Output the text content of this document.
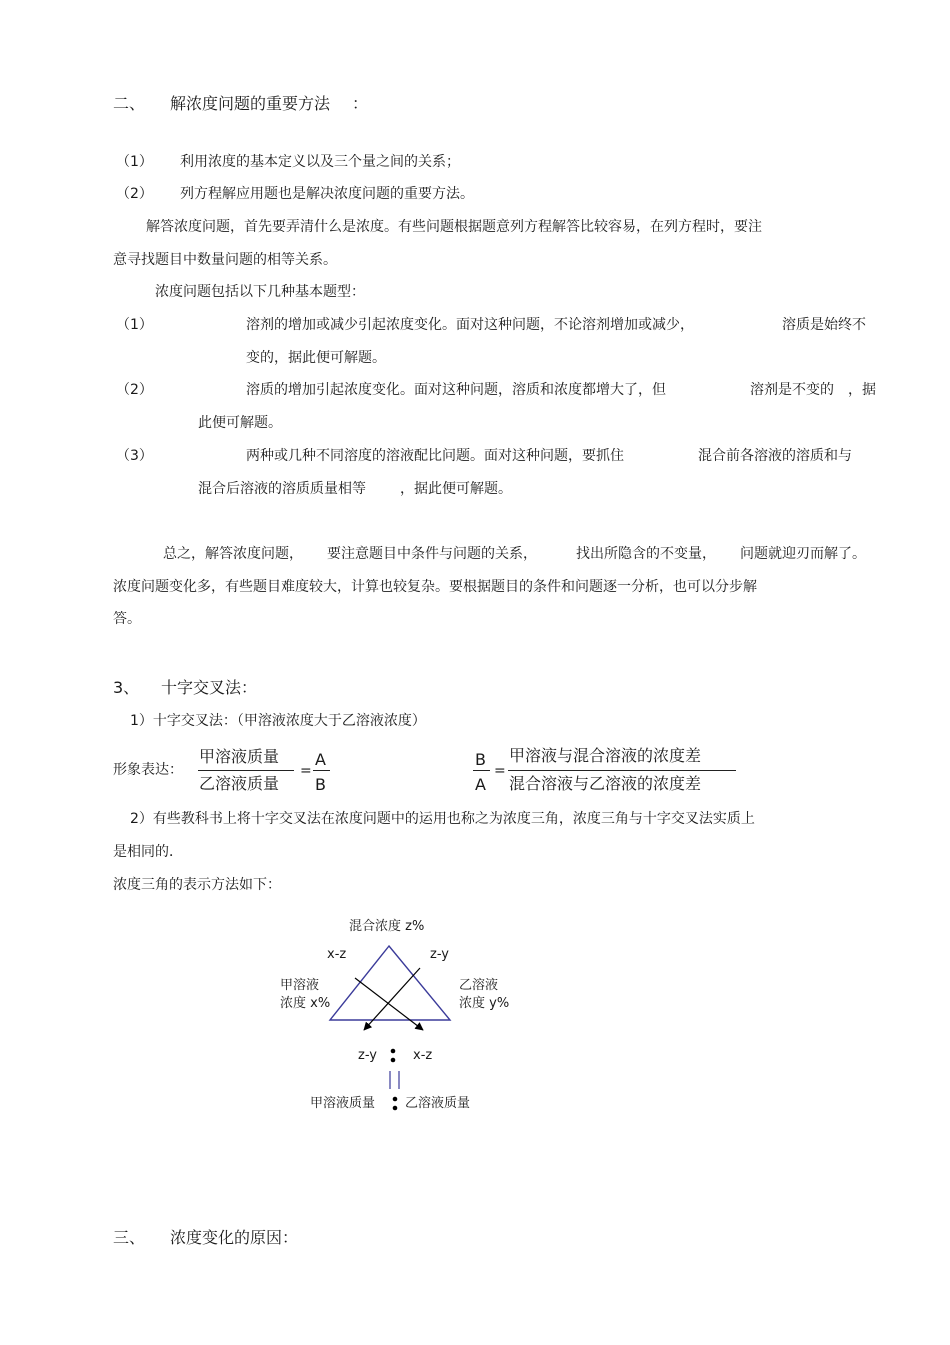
二、 解浓度问题的重要方法 ：
（1） 利用浓度的基本定义以及三个量之间的关系；
（2） 列方程解应用题也是解决浓度问题的重要方法。
解答浓度问题，首先要弄清什么是浓度。有些问题根据题意列方程解答比较容易，在列方程时，要注
意寻找题目中数量问题的相等关系。
浓度问题包括以下几种基本题型：
（1）	溶剂的增加或减少引起浓度变化。面对这种问题，不论溶剂增加或减少，	溶质是始终不
变的，据此便可解题。
（2）	溶质的增加引起浓度变化。面对这种问题，溶质和浓度都增大了，但	溶剂是不变的 ，据
此便可解题。
（3）	两种或几种不同溶度的溶液配比问题。面对这种问题，要抓住	混合前各溶液的溶质和与
混合后溶液的溶质质量相等 ，据此便可解题。
总之，解答浓度问题， 要注意题目中条件与问题的关系，	找出所隐含的不变量， 问题就迎刃而解了。
浓度问题变化多，有些题目难度较大，计算也较复杂。要根据题目的条件和问题逐一分析，也可以分步解
答。
3、 十字交叉法：
1）十字交叉法：（甲溶液浓度大于乙溶液浓度）
形象表达：
甲溶液质量
乙溶液质量
=
A
B
B
A
=
甲溶液与混合溶液的浓度差
混合溶液与乙溶液的浓度差
2）有些教科书上将十字交叉法在浓度问题中的运用也称之为浓度三角，浓度三角与十字交叉法实质上
是相同的．
浓度三角的表示方法如下：
混合浓度 z%
x-z	z-y
甲溶液
浓度 x%
乙溶液
浓度 y%
z-y	x-z
甲溶液质量 乙溶液质量
三、 浓度变化的原因：
